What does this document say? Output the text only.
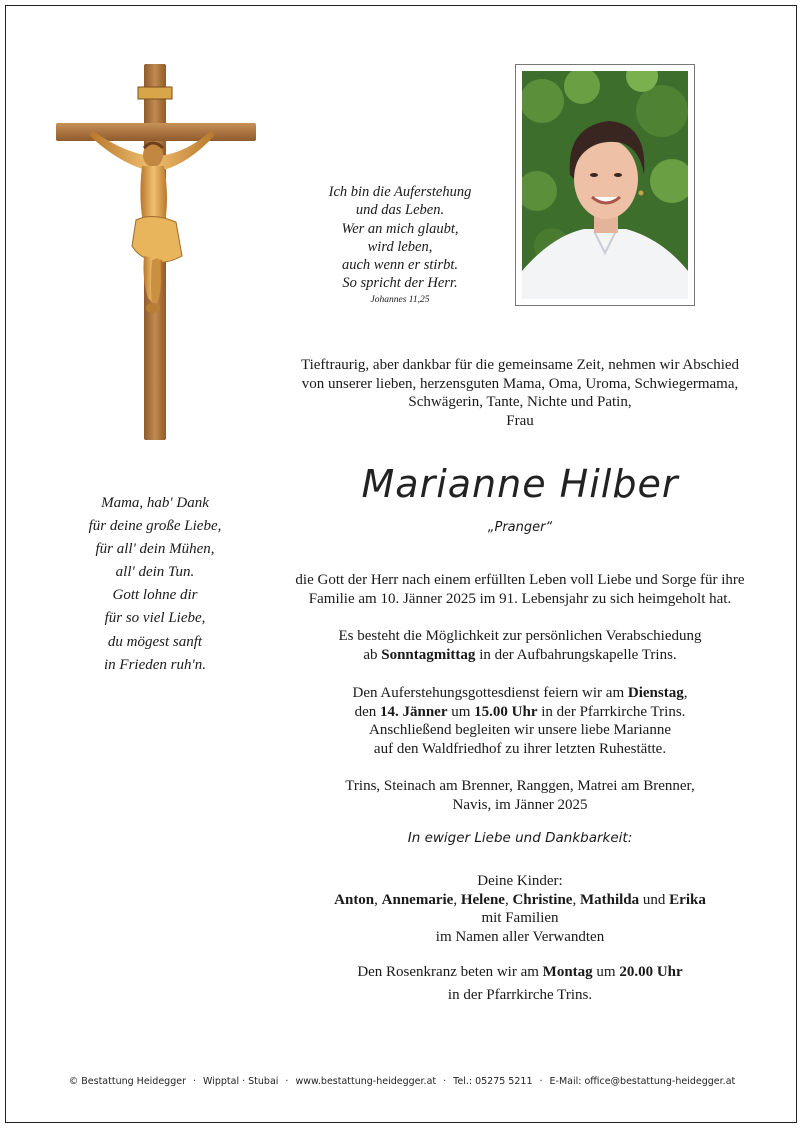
Ich bin die Auferstehung
und das Leben.
Wer an mich glaubt,
wird leben,
auch wenn er stirbt.
So spricht der Herr.
Johannes 11,25
Tieftraurig, aber dankbar für die gemeinsame Zeit, nehmen wir Abschied
von unserer lieben, herzensguten Mama, Oma, Uroma, Schwiegermama,
Schwägerin, Tante, Nichte und Patin,
Frau
Mama, hab' Dank
für deine große Liebe,
für all' dein Mühen,
all' dein Tun.
Gott lohne dir
für so viel Liebe,
du mögest sanft
in Frieden ruh'n.
Marianne Hilber
„Pranger“
die Gott der Herr nach einem erfüllten Leben voll Liebe und Sorge für ihre
Familie am 10. Jänner 2025 im 91. Lebensjahr zu sich heimgeholt hat.
Es besteht die Möglichkeit zur persönlichen Verabschiedung
ab Sonntagmittag in der Aufbahrungskapelle Trins.
Den Auferstehungsgottesdienst feiern wir am Dienstag,
den 14. Jänner um 15.00 Uhr in der Pfarrkirche Trins.
Anschließend begleiten wir unsere liebe Marianne
auf den Waldfriedhof zu ihrer letzten Ruhestätte.
Trins, Steinach am Brenner, Ranggen, Matrei am Brenner,
Navis, im Jänner 2025
In ewiger Liebe und Dankbarkeit:
Deine Kinder:
Anton, Annemarie, Helene, Christine, Mathilda und Erika
mit Familien
im Namen aller Verwandten
Den Rosenkranz beten wir am Montag um 20.00 Uhr
in der Pfarrkirche Trins.
© Bestattung Heidegger · Wipptal · Stubai · www.bestattung-heidegger.at · Tel.: 05275 5211 · E-Mail: office@bestattung-heidegger.at
